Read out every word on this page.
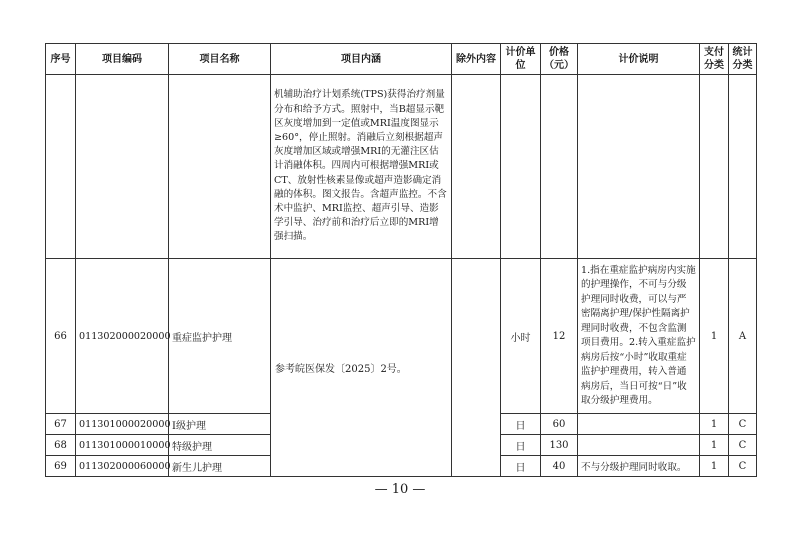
序号	项目编码	项目名称	项目内涵	除外内容	计价单位	价格（元）	计价说明	支付分类	统计分类
			机辅助治疗计划系统(TPS)获得治疗剂量分布和给予方式。照射中，当B超显示靶区灰度增加到一定值或MRI温度图显示≥60°，停止照射。消融后立刻根据超声灰度增加区域或增强MRI的无灌注区估计消融体积。四周内可根据增强MRI或CT、放射性核素显像或超声造影确定消融的体积。图文报告。含超声监控。不含术中监护、MRI监控、超声引导、造影学引导、治疗前和治疗后立即的MRI增强扫描。						
66	011302000020000	重症监护护理	参考皖医保发〔2025〕2号。		小时	12	1.指在重症监护病房内实施的护理操作，不可与分级护理同时收费，可以与严密隔离护理/保护性隔离护理同时收费，不包含监测项目费用。2.转入重症监护病房后按“小时”收取重症监护护理费用，转入普通病房后，当日可按“日”收取分级护理费用。	1	A
67	011301000020000	Ⅰ级护理			日	60		1	C
68	011301000010000	特级护理			日	130		1	C
69	011302000060000	新生儿护理			日	40	不与分级护理同时收取。	1	C
— 10 —
